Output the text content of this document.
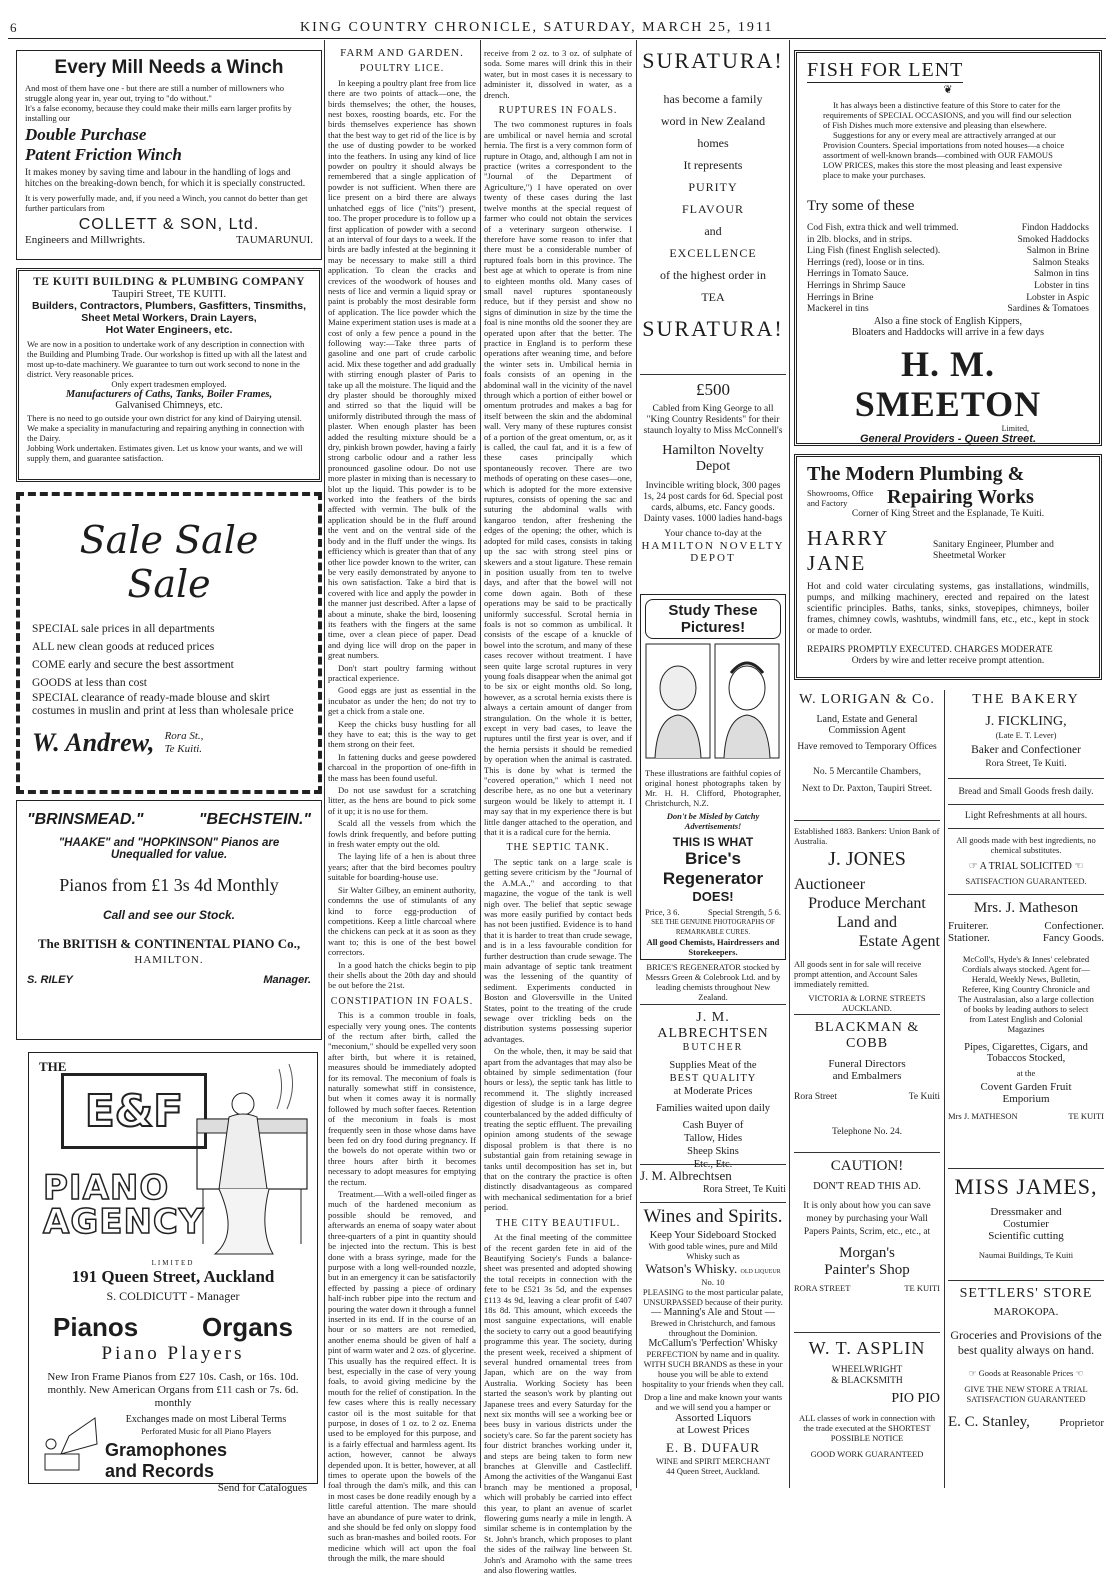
6	KING COUNTRY CHRONICLE, SATURDAY, MARCH 25, 1911
Every Mill Needs a Winch
And most of them have one - but there are still a number of millowners who struggle along year in, year out, trying to "do without."
It's a false economy, because they could make their mills earn larger profits by installing our
Double Purchase
Patent Friction Winch
It makes money by saving time and labour in the handling of logs and hitches on the breaking-down bench, for which it is specially constructed.
It is very powerfully made, and, if you need a Winch, you cannot do better than get further particulars from
COLLETT & SON, Ltd.
Engineers and Millwrights.	TAUMARUNUI.
TE KUITI BUILDING & PLUMBING COMPANY
Taupiri Street, TE KUITI.
Builders, Contractors, Plumbers, Gasfitters, Tinsmiths,
Sheet Metal Workers, Drain Layers,
Hot Water Engineers, etc.
We are now in a position to undertake work of any description in connection with the Building and Plumbing Trade. Our workshop is fitted up with all the latest and most up-to-date machinery. We guarantee to turn out work second to none in the district. Very reasonable prices.
Only expert tradesmen employed.
Manufacturers of Caths, Tanks, Boiler Frames,
Galvanised Chimneys, etc.
There is no need to go outside your own district for any kind of Dairying utensil. We make a speciality in manufacturing and repairing anything in connection with the Dairy.
Jobbing Work undertaken. Estimates given. Let us know your wants, and we will supply them, and guarantee satisfaction.
Sale Sale Sale
SPECIAL sale prices in all departments
ALL new clean goods at reduced prices
COME early and secure the best assortment
GOODS at less than cost
SPECIAL clearance of ready-made blouse and skirt costumes in muslin and print at less than wholesale price
W. Andrew, Rora St.,
Te Kuiti.
"BRINSMEAD."	"BECHSTEIN."
"HAAKE" and "HOPKINSON" Pianos are
Unequalled for value.
Pianos from £1 3s 4d Monthly
Call and see our Stock.
The BRITISH & CONTINENTAL PIANO Co.,
HAMILTON.
S. RILEY	Manager.
THE
E&F
PIANO
AGENCY
LIMITED
191 Queen Street, Auckland
S. COLDICUTT - Manager
Pianos Organs
Piano Players
New Iron Frame Pianos from £27 10s. Cash, or 16s. 10d. monthly. New American Organs from £11 cash or 7s. 6d. monthly
Exchanges made on most Liberal Terms
Perforated Music for all Piano Players
Gramophones
and Records
Send for Catalogues
FARM AND GARDEN.
POULTRY LICE.

In keeping a poultry plant free from lice there are two points of attack—one, the birds themselves; the other, the houses, nest boxes, roosting boards, etc. For the birds themselves experience has shown that the best way to get rid of the lice is by the use of dusting powder to be worked into the feathers. In using any kind of lice powder on poultry it should always be remembered that a single application of powder is not sufficient. When there are lice present on a bird there are always unhatched eggs of lice ("nits") present, too. The proper procedure is to follow up a first application of powder with a second at an interval of four days to a week. If the birds are badly infested at the beginning it may be necessary to make still a third application. To clean the cracks and crevices of the woodwork of houses and nests of lice and vermin a liquid spray or paint is probably the most desirable form of application. The lice powder which the Maine experiment station uses is made at a cost of only a few pence a pound in the following way:—Take three parts of gasoline and one part of crude carbolic acid. Mix these together and add gradually with stirring enough plaster of Paris to take up all the moisture. The liquid and the dry plaster should be thoroughly mixed and stirred so that the liquid will be uniformly distributed through the mass of plaster. When enough plaster has been added the resulting mixture should be a dry, pinkish brown powder, having a fairly strong carbolic odour and a rather less pronounced gasoline odour. Do not use more plaster in mixing than is necessary to blot up the liquid. This powder is to be worked into the feathers of the birds affected with vermin. The bulk of the application should be in the fluff around the vent and on the ventral side of the body and in the fluff under the wings. Its efficiency which is greater than that of any other lice powder known to the writer, can be very easily demonstrated by anyone to his own satisfaction. Take a bird that is covered with lice and apply the powder in the manner just described. After a lapse of about a minute, shake the bird, loosening its feathers with the fingers at the same time, over a clean piece of paper. Dead and dying lice will drop on the paper in great numbers.

Don't start poultry farming without practical experience.

Good eggs are just as essential in the incubator as under the hen; do not try to get a chick from a stale one.

Keep the chicks busy hustling for all they have to eat; this is the way to get them strong on their feet.

In fattening ducks and geese powdered charcoal in the proportion of one-fifth in the mass has been found useful.

Do not use sawdust for a scratching litter, as the hens are bound to pick some of it up; it is no use for them.

Scald all the vessels from which the fowls drink frequently, and before putting in fresh water empty out the old.

The laying life of a hen is about three years; after that the bird becomes poultry suitable for boarding-house use.

Sir Walter Gilbey, an eminent authority, condemns the use of stimulants of any kind to force egg-production of competitions. Keep a little charcoal where the chickens can peck at it as soon as they want to; this is one of the best bowel correctors.

In a good hatch the chicks begin to pip their shells about the 20th day and should be out before the 21st.

CONSTIPATION IN FOALS.

This is a common trouble in foals, especially very young ones. The contents of the rectum after birth, called the "meconium," should be expelled very soon after birth, but where it is retained, measures should be immediately adopted for its removal. The meconium of foals is naturally somewhat stiff in consistence, but when it comes away it is normally followed by much softer faeces. Retention of the meconium in foals is most frequently seen in those whose dams have been fed on dry food during pregnancy. If the bowels do not operate within two or three hours after birth it becomes necessary to adopt measures for emptying the rectum.

Treatment.—With a well-oiled finger as much of the hardened meconium as possible should be removed, and afterwards an enema of soapy water about three-quarters of a pint in quantity should be injected into the rectum. This is best done with a brass syringe, made for the purpose with a long well-rounded nozzle, but in an emergency it can be satisfactorily effected by passing a piece of ordinary half-inch rubber pipe into the rectum and pouring the water down it through a funnel inserted in its end. If in the course of an hour or so matters are not remedied, another enema should be given of half a pint of warm water and 2 ozs. of glycerine. This usually has the required effect. It is best, especially in the case of very young foals, to avoid giving medicine by the mouth for the relief of constipation. In the few cases where this is really necessary castor oil is the most suitable for that purpose, in doses of 1 oz. to 2 oz. Enema used to be employed for this purpose, and is a fairly effectual and harmless agent. Its action, however, cannot be always depended upon. It is better, however, at all times to operate upon the bowels of the foal through the dam's milk, and this can in most cases be done readily enough by a little careful attention. The mare should have an abundance of pure water to drink, and she should be fed only on sloppy food such as bran-mashes and boiled roots. For medicine which will act upon the foal through the milk, the mare should

receive from 2 oz. to 3 oz. of sulphate of soda. Some mares will drink this in their water, but in most cases it is necessary to administer it, dissolved in water, as a drench.

RUPTURES IN FOALS.

The two commonest ruptures in foals are umbilical or navel hernia and scrotal hernia. The first is a very common form of rupture in Otago, and, although I am not in practice (writes a correspondent to the "Journal of the Department of Agriculture,") I have operated on over twenty of these cases during the last twelve months at the special request of farmer who could not obtain the services of a veterinary surgeon otherwise. I therefore have some reason to infer that there must be a considerable number of ruptured foals born in this province. The best age at which to operate is from nine to eighteen months old. Many cases of small navel ruptures spontaneously reduce, but if they persist and show no signs of diminution in size by the time the foal is nine months old the sooner they are operated upon after that the better. The practice in England is to perform these operations after weaning time, and before the winter sets in. Umbilical hernia in foals consists of an opening in the abdominal wall in the vicinity of the navel through which a portion of either bowel or omentum protrudes and makes a bag for itself between the skin and the abdominal wall. Very many of these ruptures consist of a portion of the great omentum, or, as it is called, the caul fat, and it is a few of these cases principally which spontaneously recover. There are two methods of operating on these cases—one, which is adopted for the more extensive ruptures, consists of opening the sac and suturing the abdominal walls with kangaroo tendon, after freshening the edges of the opening; the other, which is adopted for mild cases, consists in taking up the sac with strong steel pins or skewers and a stout ligature. These remain in position usually from ten to twelve days, and after that the bowel will not come down again. Both of these operations may be said to be practically uniformly successful. Scrotal hernia in foals is not so common as umbilical. It consists of the escape of a knuckle of bowel into the scrotum, and many of these cases recover without treatment. I have seen quite large scrotal ruptures in very young foals disappear when the animal got to be six or eight months old. So long, however, as a scrotal hernia exists there is always a certain amount of danger from strangulation. On the whole it is better, except in very bad cases, to leave the ruptures until the first year is over, and if the hernia persists it should be remedied by operation when the animal is castrated. This is done by what is termed the "covered operation," which I need not describe here, as no one but a veterinary surgeon would be likely to attempt it. I may say that in my experience there is but little danger attached to the operation, and that it is a radical cure for the hernia.

THE SEPTIC TANK.

The septic tank on a large scale is getting severe criticism by the "Journal of the A.M.A.," and according to that magazine, the vogue of the tank is well nigh over. The belief that septic sewage was more easily purified by contact beds has not been justified. Evidence is to hand that it is harder to treat than crude sewage, and is in a less favourable condition for further destruction than crude sewage. The main advantage of septic tank treatment was the lessening of the quantity of sediment. Experiments conducted in Boston and Gloversville in the United States, point to the treating of the crude sewage over trickling beds on the distribution systems possessing superior advantages.

On the whole, then, it may be said that apart from the advantages that may also be obtained by simple sedimentation (four hours or less), the septic tank has little to recommend it. The slightly increased digestion of sludge is in a large degree counterbalanced by the added difficulty of treating the septic effluent. The prevailing opinion among students of the sewage disposal problem is that there is no substantial gain from retaining sewage in tanks until decomposition has set in, but that on the contrary the practice is often distinctly disadvantageous as compared with mechanical sedimentation for a brief period.

THE CITY BEAUTIFUL.

At the final meeting of the committee of the recent garden fete in aid of the Beautifying Society's Funds a balance-sheet was presented and adopted showing the total receipts in connection with the fete to be £521 3s 5d, and the expenses £113 4s 9d, leaving a clear profit of £407 18s 8d. This amount, which exceeds the most sanguine expectations, will enable the society to carry out a good beautifying programme this year. The society, during the present week, received a shipment of several hundred ornamental trees from Japan, which are on the way from Australia. Working Society has been started the season's work by planting out Japanese trees and every Saturday for the next six months will see a working bee or bees busy in various districts under the society's care. So far the parent society has four district branches working under it, and steps are being taken to form new branches at Glenville and Castlecliff. Among the activities of the Wanganui East branch may be mentioned a proposal, which will probably be carried into effect this year, to plant an avenue of scarlet flowering gums nearly a mile in length. A similar scheme is in contemplation by the St. John's branch, which proposes to plant the sides of the railway line between St. John's and Aramoho with the same trees and also flowering wattles.

SURATURA!
has become a family
word in New Zealand
homes
It represents
PURITY
FLAVOUR
and
EXCELLENCE
of the highest order in
TEA
SURATURA!
£500
Cabled from King George to all "King Country Residents" for their staunch loyalty to Miss McConnell's
Hamilton Novelty
Depot
Invincible writing block, 300 pages 1s, 24 post cards for 6d. Special post cards, albums, etc. Fancy goods. Dainty vases. 1000 ladies hand-bags
Your chance to-day at the
HAMILTON NOVELTY
DEPOT
Study These
Pictures!
These illustrations are faithful copies of original honest photographs taken by Mr. H. H. Clifford, Photographer, Christchurch, N.Z.
Don't be Misled by Catchy Advertisements!
THIS IS WHAT
Brice's Regenerator
DOES!
Price, 3 6.	Special Strength, 5 6.
SEE THE GENUINE PHOTOGRAPHS OF REMARKABLE CURES.
All good Chemists, Hairdressers and Storekeepers.
BRICE'S REGENERATOR stocked by Messrs Green & Colebrook Ltd. and by leading chemists throughout New Zealand.
J. M. ALBRECHTSEN
BUTCHER
Supplies Meat of the
BEST QUALITY
at Moderate Prices
Families waited upon daily
Cash Buyer of
Tallow, Hides
Sheep Skins
Etc., Etc.
J. M. Albrechtsen
Rora Street, Te Kuiti
Wines and Spirits.
Keep Your Sideboard Stocked
With good table wines, pure and Mild Whisky such as
Watson's Whisky. OLD LIQUEUR
No. 10
PLEASING to the most particular palate, UNSURPASSED because of their purity.
— Manning's Ale and Stout —
Brewed in Christchurch, and famous throughout the Dominion.
McCallum's 'Perfection' Whisky
PERFECTION by name and in quality. WITH SUCH BRANDS as these in your house you will be able to extend hospitality to your friends when they call.
Drop a line and make known your wants and we will send you a hamper or
Assorted Liquors
at Lowest Prices
E. B. DUFAUR
WINE and SPIRIT MERCHANT
44 Queen Street, Auckland.
FISH FOR LENT
❦
It has always been a distinctive feature of this Store to cater for the requirements of SPECIAL OCCASIONS, and you will find our selection of Fish Dishes much more extensive and pleasing than elsewhere.
Suggestions for any or every meal are attractively arranged at our Provision Counters. Special importations from noted houses—a choice assortment of well-known brands—combined with OUR FAMOUS LOW PRICES, makes this store the most pleasing and least expensive place to make your purchases.
Try some of these
Cod Fish, extra thick and well trimmed.	Findon Haddocks
in 2lb. blocks, and in strips.	Smoked Haddocks
Ling Fish (finest English selected).	Salmon in Brine
Herrings (red), loose or in tins.	Salmon Steaks
Herrings in Tomato Sauce.	Salmon in tins
Herrings in Shrimp Sauce	Lobster in tins
Herrings in Brine	Lobster in Aspic
Mackerel in tins	Sardines & Tomatoes
Also a fine stock of English Kippers,
Bloaters and Haddocks will arrive in a few days
H. M. SMEETON
Limited,
General Providers - Queen Street.
The Modern Plumbing &
Showrooms, Office and Factory	Repairing Works
Corner of King Street and the Esplanade, Te Kuiti.
HARRY JANE
Sanitary Engineer, Plumber and Sheetmetal Worker
Hot and cold water circulating systems, gas installations, windmills, pumps, and milking machinery, erected and repaired on the latest scientific principles. Baths, tanks, sinks, stovepipes, chimneys, boiler frames, chimney cowls, washtubs, windmill fans, etc., etc., kept in stock or made to order.
REPAIRS PROMPTLY EXECUTED. CHARGES MODERATE
Orders by wire and letter receive prompt attention.
W. LORIGAN & Co.
Land, Estate and General
Commission Agent
Have removed to Temporary Offices
No. 5 Mercantile Chambers,
Next to Dr. Paxton, Taupiri Street.
Established 1883. Bankers: Union Bank of Australia.
J. JONES
Auctioneer
Produce Merchant
Land and
Estate Agent
All goods sent in for sale will receive prompt attention, and Account Sales immediately remitted.
VICTORIA & LORNE STREETS
AUCKLAND.
BLACKMAN & COBB
Funeral Directors
and Embalmers
Rora Street	Te Kuiti
Telephone No. 24.
CAUTION!
DON'T READ THIS AD.
It is only about how you can save money by purchasing your Wall Papers Paints, Scrim, etc., etc., at
Morgan's
Painter's Shop
RORA STREET	TE KUITI
W. T. ASPLIN
WHEELWRIGHT
& BLACKSMITH
PIO PIO
ALL classes of work in connection with the trade executed at the SHORTEST POSSIBLE NOTICE
GOOD WORK GUARANTEED
THE BAKERY
J. FICKLING,
(Late E. T. Lever)
Baker and Confectioner
Rora Street, Te Kuiti.
Bread and Small Goods fresh daily.
Light Refreshments at all hours.
All goods made with best ingredients, no chemical substitutes.
☞ A TRIAL SOLICITED ☜
SATISFACTION GUARANTEED.
Mrs. J. Matheson
Fruiterer.	Confectioner.
Stationer.	Fancy Goods.
McColl's, Hyde's & Innes' celebrated Cordials always stocked. Agent for—Herald, Weekly News, Bulletin, Referee, King Country Chronicle and The Australasian, also a large collection of books by leading authors to select from Latest English and Colonial Magazines
Pipes, Cigarettes, Cigars, and Tobaccos Stocked,
at the
Covent Garden Fruit
Emporium
Mrs J. MATHESON	TE KUITI
MISS JAMES,
Dressmaker and
Costumier
Scientific cutting
Naumai Buildings, Te Kuiti
SETTLERS' STORE
MAROKOPA.
Groceries and Provisions of the best quality always on hand.
☞ Goods at Reasonable Prices ☜
GIVE THE NEW STORE A TRIAL SATISFACTION GUARANTEED
E. C. Stanley,	Proprietor
